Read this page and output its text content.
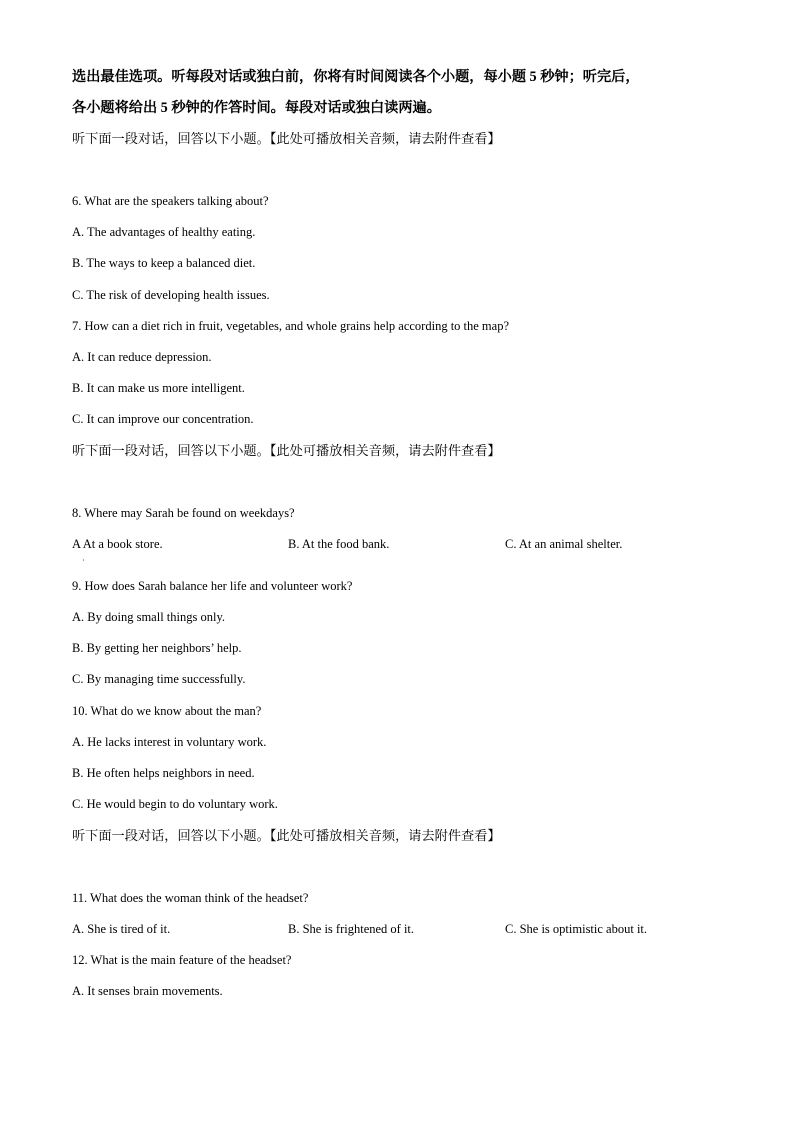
选出最佳选项。听每段对话或独白前，你将有时间阅读各个小题，每小题 5 秒钟；听完后，
各小题将给出 5 秒钟的作答时间。每段对话或独白读两遍。
听下面一段对话，回答以下小题。【此处可播放相关音频，请去附件查看】
6. What are the speakers talking about?
A. The advantages of healthy eating.
B. The ways to keep a balanced diet.
C. The risk of developing health issues.
7. How can a diet rich in fruit, vegetables, and whole grains help according to the map?
A. It can reduce depression.
B. It can make us more intelligent.
C. It can improve our concentration.
听下面一段对话，回答以下小题。【此处可播放相关音频，请去附件查看】
8. Where may Sarah be found on weekdays?
A At a book store.	B. At the food bank.	C. At an animal shelter.
·
9. How does Sarah balance her life and volunteer work?
A. By doing small things only.
B. By getting her neighbors’ help.
C. By managing time successfully.
10. What do we know about the man?
A. He lacks interest in voluntary work.
B. He often helps neighbors in need.
C. He would begin to do voluntary work.
听下面一段对话，回答以下小题。【此处可播放相关音频，请去附件查看】
11. What does the woman think of the headset?
A. She is tired of it.	B. She is frightened of it.	C. She is optimistic about it.
12. What is the main feature of the headset?
A. It senses brain movements.
